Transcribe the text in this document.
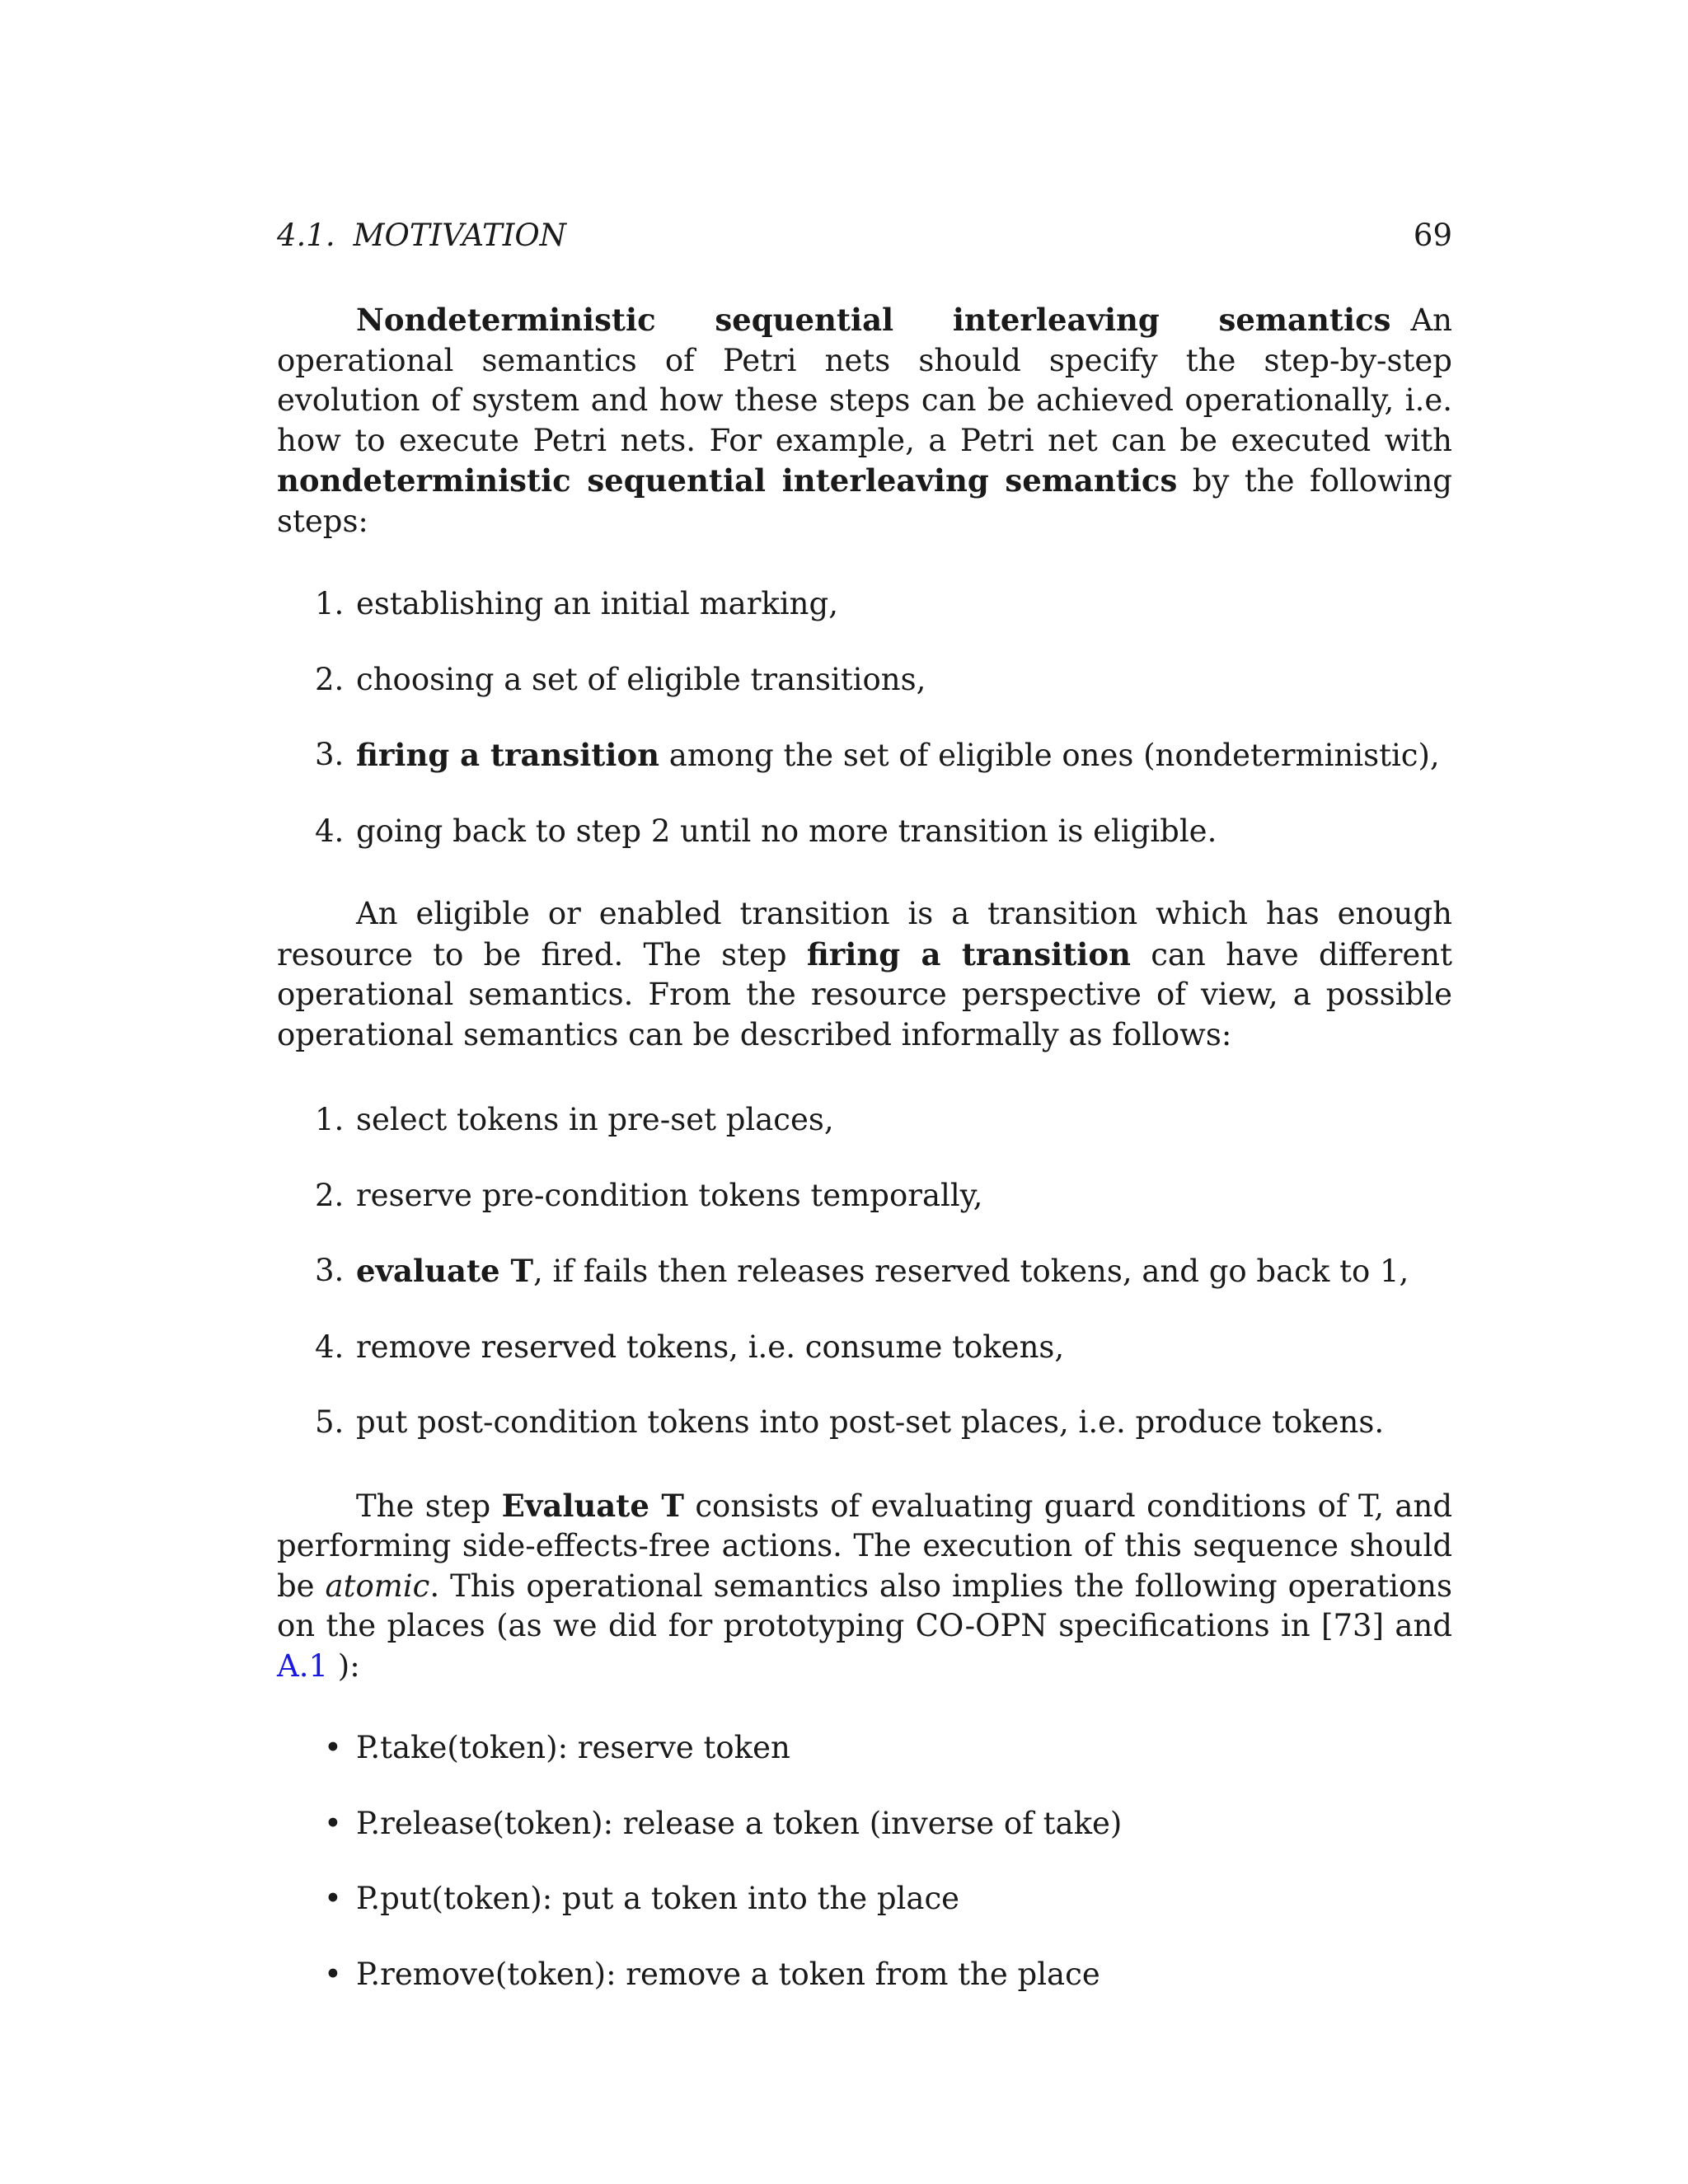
4.1. MOTIVATION	69

Nondeterministic sequential interleaving semantics An operational semantics of Petri nets should specify the step-by-step evolution of system and how these steps can be achieved operationally, i.e. how to execute Petri nets. For example, a Petri net can be executed with nondeterministic sequential interleaving semantics by the following steps:

1. establishing an initial marking,
2. choosing a set of eligible transitions,
3. firing a transition among the set of eligible ones (nondeterministic),
4. going back to step 2 until no more transition is eligible.

An eligible or enabled transition is a transition which has enough resource to be fired. The step firing a transition can have different operational semantics. From the resource perspective of view, a possible operational semantics can be described informally as follows:

1. select tokens in pre-set places,
2. reserve pre-condition tokens temporally,
3. evaluate T, if fails then releases reserved tokens, and go back to 1,
4. remove reserved tokens, i.e. consume tokens,
5. put post-condition tokens into post-set places, i.e. produce tokens.

The step Evaluate T consists of evaluating guard conditions of T, and performing side-effects-free actions. The execution of this sequence should be atomic. This operational semantics also implies the following operations on the places (as we did for prototyping CO-OPN specifications in [73] and A.1 ):

• P.take(token): reserve token
• P.release(token): release a token (inverse of take)
• P.put(token): put a token into the place
• P.remove(token): remove a token from the place
